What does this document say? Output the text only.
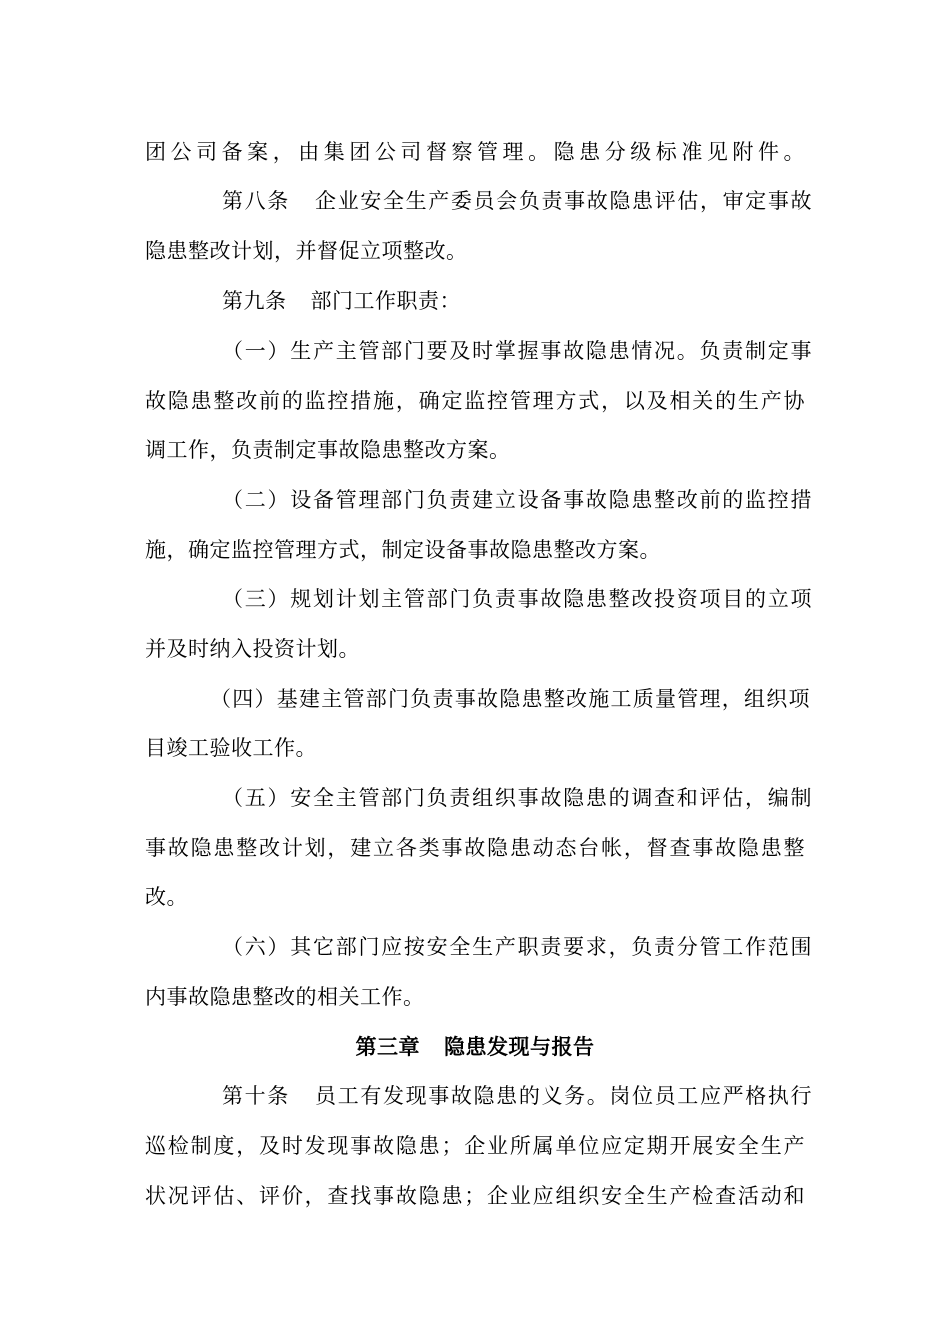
团公司备案，由集团公司督察管理。隐患分级标准见附件。
第八条 企业安全生产委员会负责事故隐患评估，审定事故
隐患整改计划，并督促立项整改。
第九条 部门工作职责：
（一）生产主管部门要及时掌握事故隐患情况。负责制定事
故隐患整改前的监控措施，确定监控管理方式，以及相关的生产协
调工作，负责制定事故隐患整改方案。
（二）设备管理部门负责建立设备事故隐患整改前的监控措
施，确定监控管理方式，制定设备事故隐患整改方案。
（三）规划计划主管部门负责事故隐患整改投资项目的立项
并及时纳入投资计划。
（四）基建主管部门负责事故隐患整改施工质量管理，组织项
目竣工验收工作。
（五）安全主管部门负责组织事故隐患的调查和评估，编制
事故隐患整改计划，建立各类事故隐患动态台帐，督查事故隐患整
改。
（六）其它部门应按安全生产职责要求，负责分管工作范围
内事故隐患整改的相关工作。
第三章 隐患发现与报告
第十条 员工有发现事故隐患的义务。岗位员工应严格执行
巡检制度，及时发现事故隐患；企业所属单位应定期开展安全生产
状况评估、评价，查找事故隐患；企业应组织安全生产检查活动和
